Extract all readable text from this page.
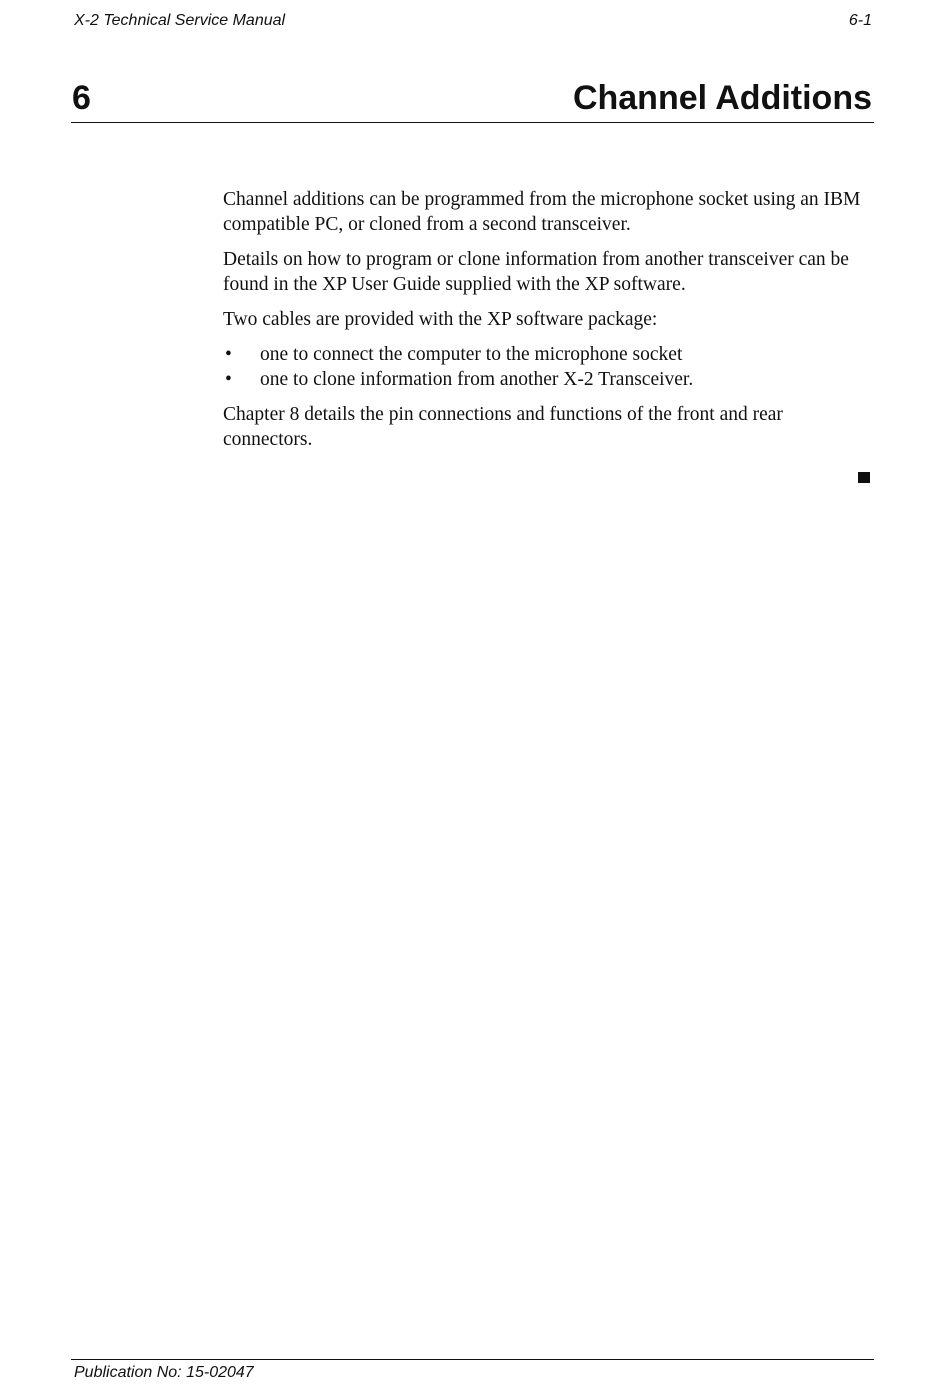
X-2 Technical Service Manual	6-1
6	Channel Additions

Channel additions can be programmed from the microphone socket using an IBM compatible PC, or cloned from a second transceiver.

Details on how to program or clone information from another transceiver can be found in the XP User Guide supplied with the XP software.

Two cables are provided with the XP software package:

• one to connect the computer to the microphone socket
• one to clone information from another X-2 Transceiver.

Chapter 8 details the pin connections and functions of the front and rear connectors.

Publication No: 15-02047
